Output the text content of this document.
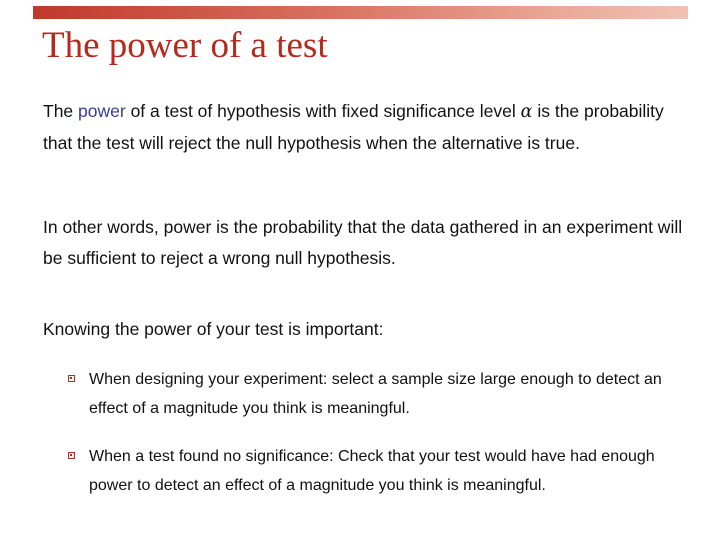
The power of a test
The power of a test of hypothesis with fixed significance level α is the probability that the test will reject the null hypothesis when the alternative is true.
In other words, power is the probability that the data gathered in an experiment will be sufficient to reject a wrong null hypothesis.
Knowing the power of your test is important:
When designing your experiment: select a sample size large enough to detect an effect of a magnitude you think is meaningful.
When a test found no significance: Check that your test would have had enough power to detect an effect of a magnitude you think is meaningful.
